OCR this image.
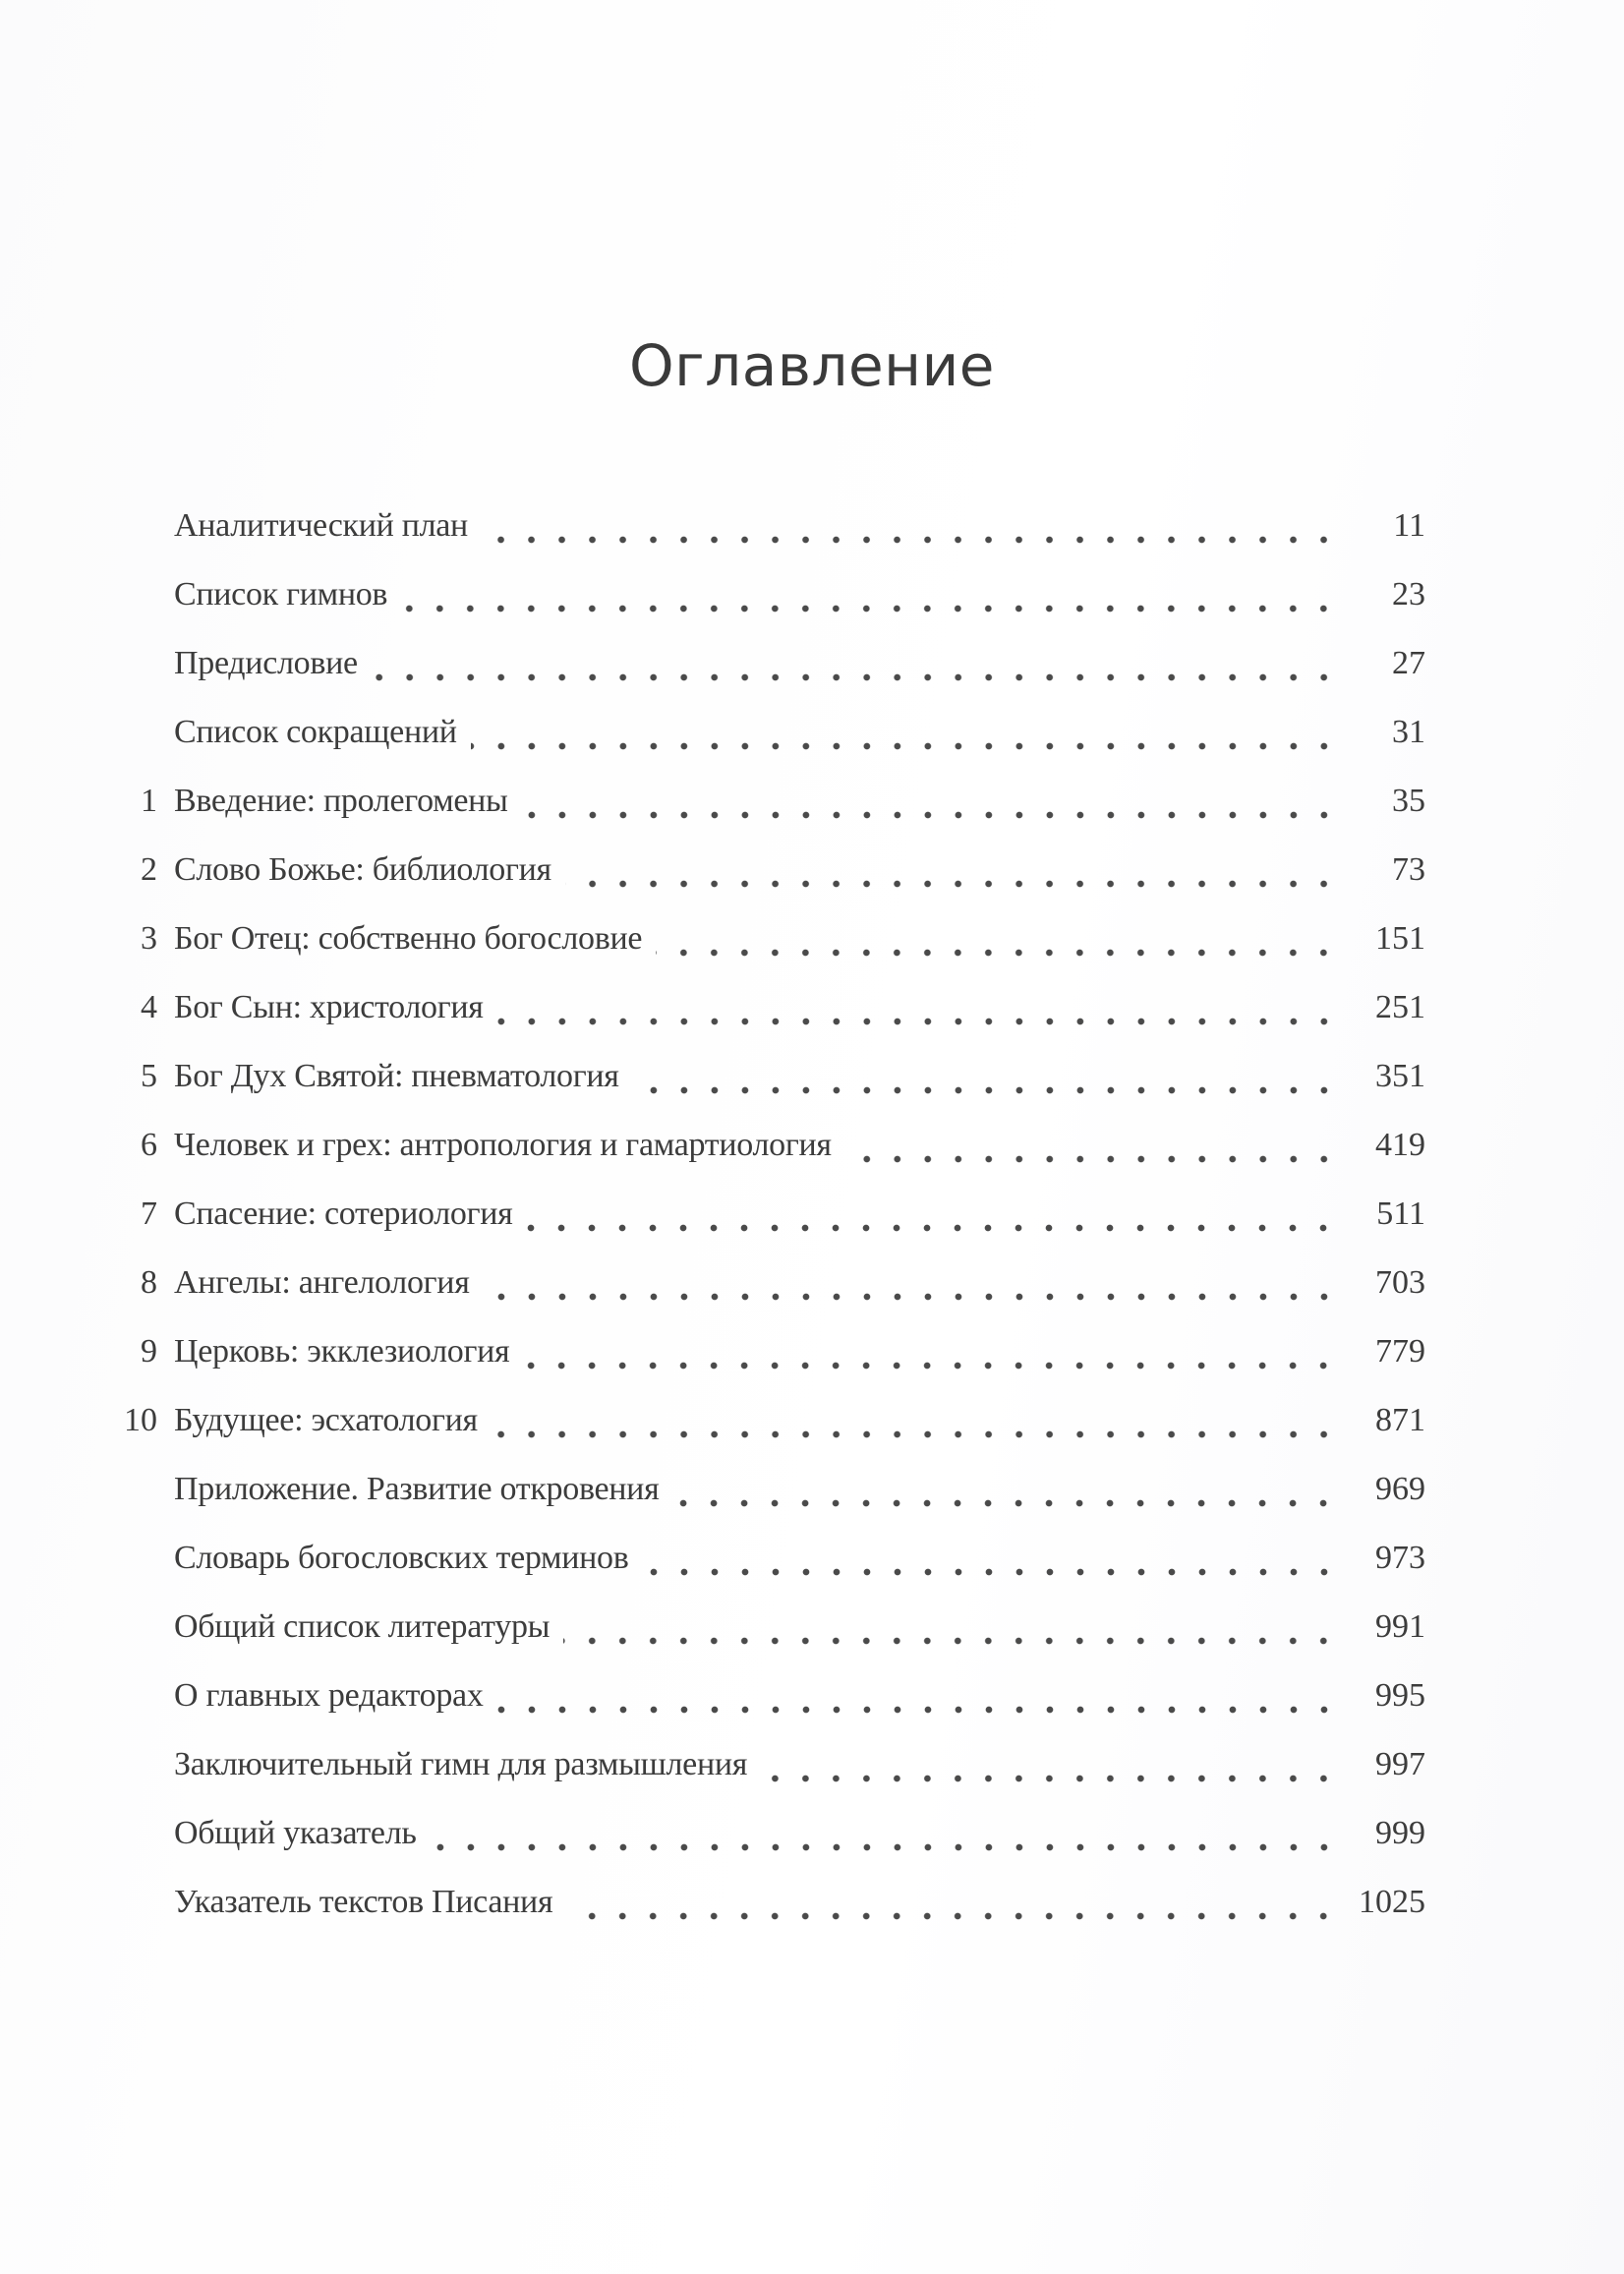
Оглавление
Аналитический план	11
Список гимнов	23
Предисловие	27
Список сокращений	31
1 Введение: пролегомены	35
2 Слово Божье: библиология	73
3 Бог Отец: собственно богословие	151
4 Бог Сын: христология	251
5 Бог Дух Святой: пневматология	351
6 Человек и грех: антропология и гамартиология	419
7 Спасение: сотериология	511
8 Ангелы: ангелология	703
9 Церковь: экклезиология	779
10 Будущее: эсхатология	871
Приложение. Развитие откровения	969
Словарь богословских терминов	973
Общий список литературы	991
О главных редакторах	995
Заключительный гимн для размышления	997
Общий указатель	999
Указатель текстов Писания	1025
